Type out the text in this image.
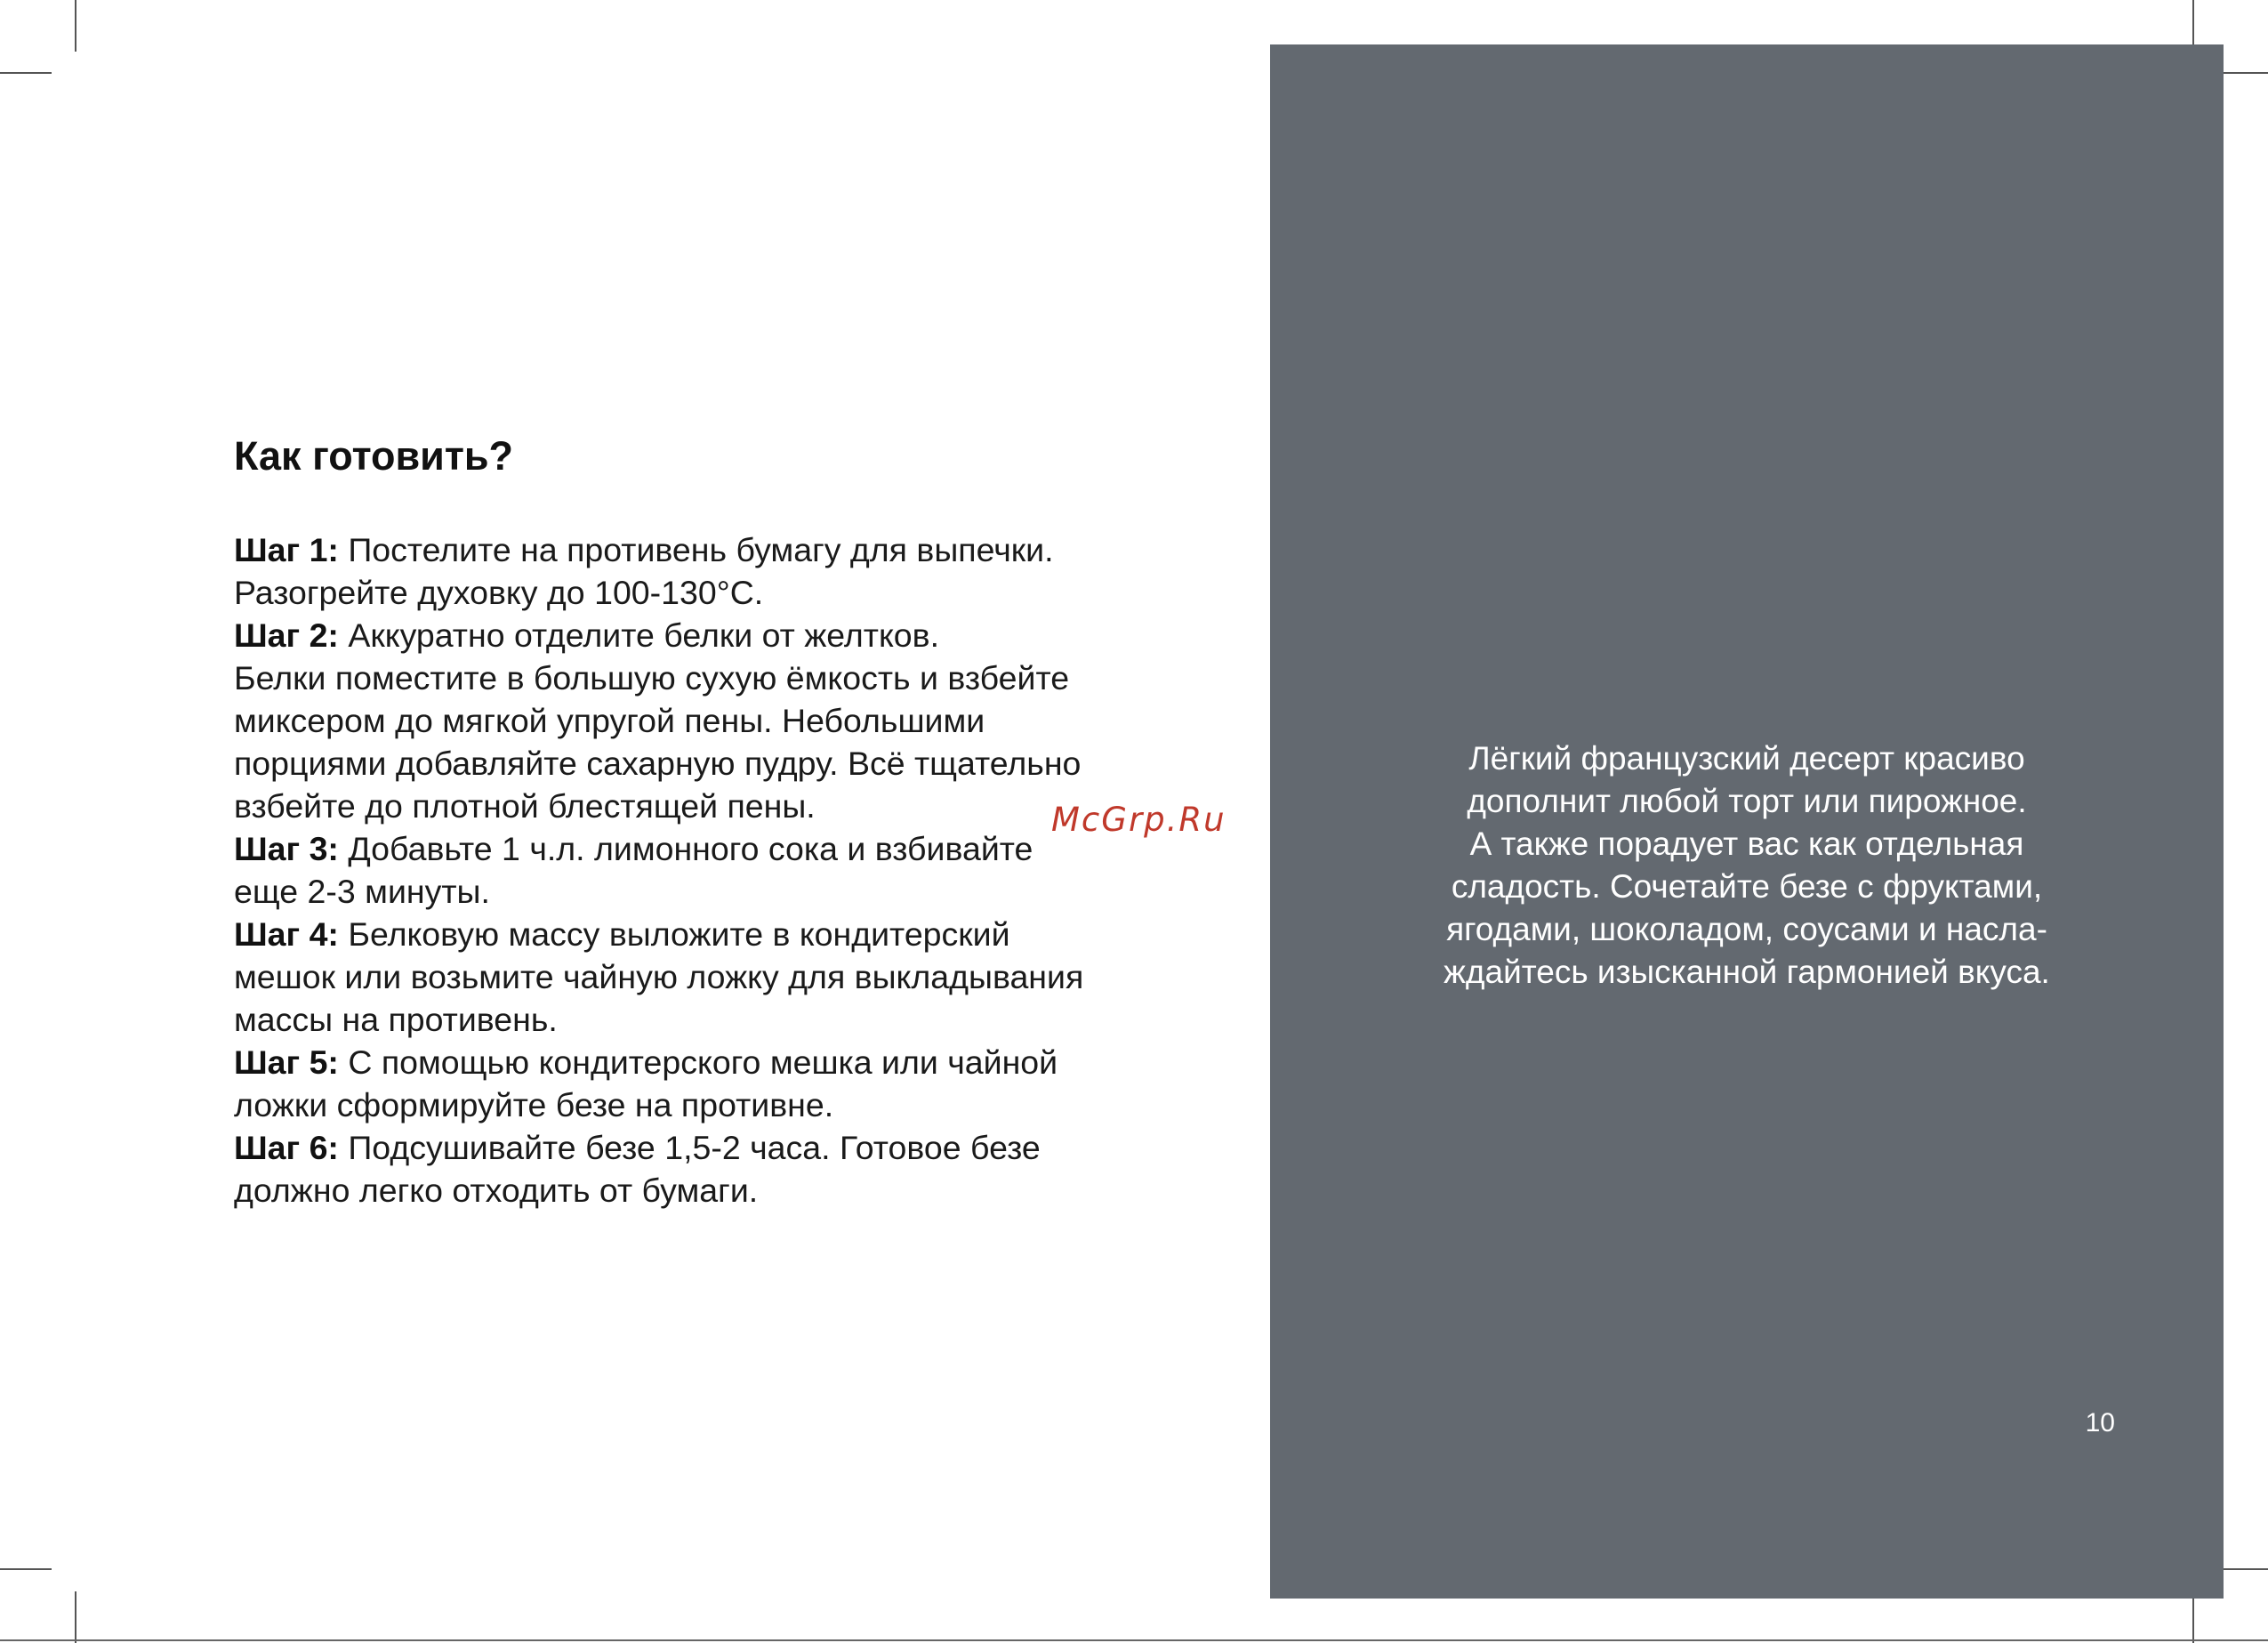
Как готовить?
Шаг 1: Постелите на противень бумагу для выпечки.
Разогрейте духовку до 100-130°С.
Шаг 2: Аккуратно отделите белки от желтков.
Белки поместите в большую сухую ёмкость и взбейте
миксером до мягкой упругой пены. Небольшими
порциями добавляйте сахарную пудру. Всё тщательно
взбейте до плотной блестящей пены.
Шаг 3: Добавьте 1 ч.л. лимонного сока и взбивайте
еще 2-3 минуты.
Шаг 4: Белковую массу выложите в кондитерский
мешок или возьмите чайную ложку для выкладывания
массы на противень.
Шаг 5: С помощью кондитерского мешка или чайной
ложки сформируйте безе на противне.
Шаг 6: Подсушивайте безе 1,5-2 часа. Готовое безе
должно легко отходить от бумаги.
McGrp.Ru
Лёгкий французский десерт красиво
дополнит любой торт или пирожное.
А также порадует вас как отдельная
сладость. Сочетайте безе с фруктами,
ягодами, шоколадом, соусами и насла-
ждайтесь изысканной гармонией вкуса.
10
